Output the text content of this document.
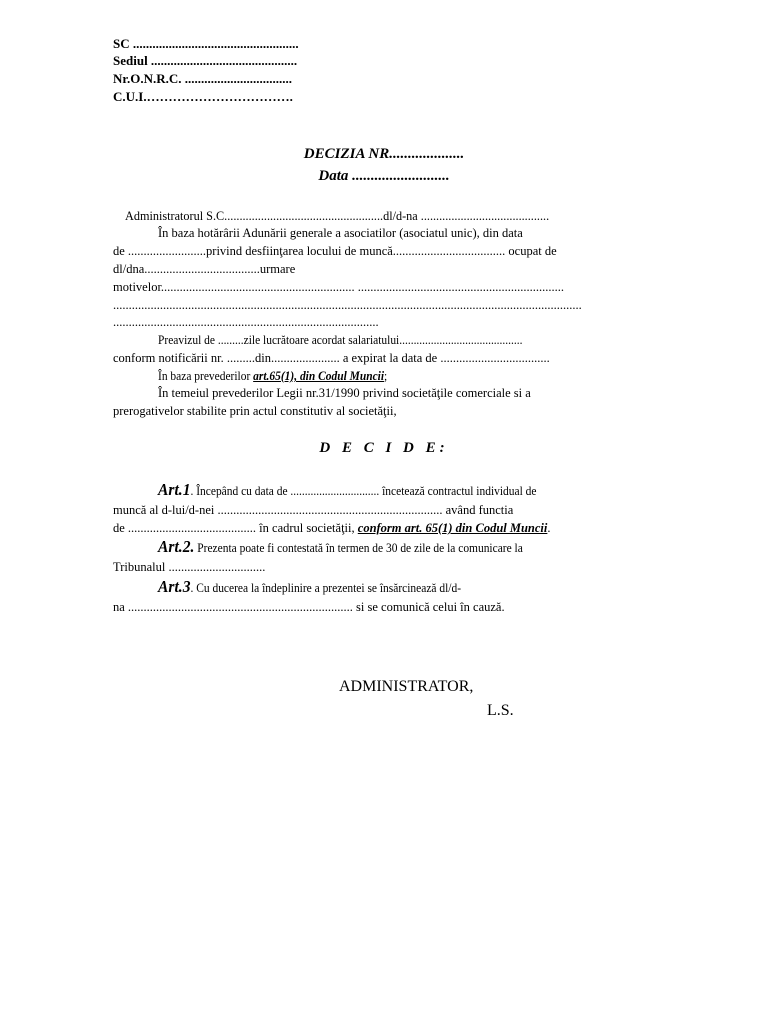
SC ...................................................
Sediul .............................................
Nr.O.N.R.C. .................................
C.U.I.…………………………….
DECIZIA NR....................
Data ..........................
Administratorul S.C....................................................dl/d-na ..........................................
În baza hotărârii Adunării generale a asociatilor (asociatul unic), din data
de .........................privind desfiinţarea locului de muncă.................................... ocupat de
dl/dna.....................................urmare
motivelor.............................................................. ..................................................................
......................................................................................................................................................
.....................................................................................
Preavizul de .........zile lucrătoare acordat salariatului...........................................
conform notificării nr. .........din...................... a expirat la data de ...................................
În baza prevederilor art.65(1), din Codul Muncii;
În temeiul prevederilor Legii nr.31/1990 privind societăţile comerciale si a
prerogativelor stabilite prin actul constitutiv al societăţii,
D E C I D E:
Art.1. Începând cu data de ............................... încetează contractul individual de
muncă al d-lui/d-nei ........................................................................ având functia
de ......................................... în cadrul societăţii, conform art. 65(1) din Codul Muncii.
Art.2. Prezenta poate fi contestată în termen de 30 de zile de la comunicare la
Tribunalul ...............................
Art.3. Cu ducerea la îndeplinire a prezentei se însărcinează dl/d-
na ........................................................................ si se comunică celui în cauză.
ADMINISTRATOR,
L.S.
